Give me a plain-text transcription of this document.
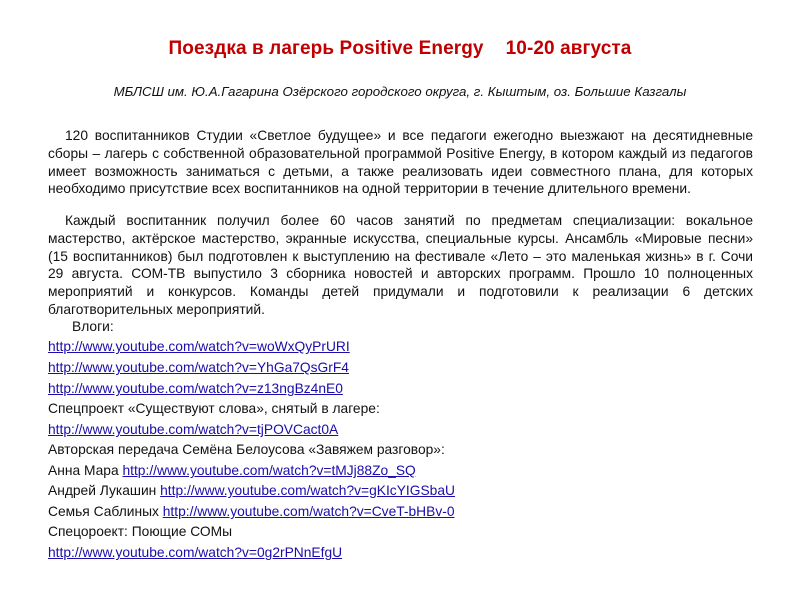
Поездка в лагерь Positive Energy 10-20 августа
МБЛСШ им. Ю.А.Гагарина Озёрского городского округа, г. Кыштым, оз. Большие Казгалы
120 воспитанников Студии «Светлое будущее» и все педагоги ежегодно выезжают на десятидневные сборы – лагерь с собственной образовательной программой Positive Energy, в котором каждый из педагогов имеет возможность заниматься с детьми, а также реализовать идеи совместного плана, для которых необходимо присутствие всех воспитанников на одной территории в течение длительного времени.
Каждый воспитанник получил более 60 часов занятий по предметам специализации: вокальное мастерство, актёрское мастерство, экранные искусства, специальные курсы. Ансамбль «Мировые песни» (15 воспитанников) был подготовлен к выступлению на фестивале «Лето – это маленькая жизнь» в г. Сочи 29 августа. СОМ-ТВ выпустило 3 сборника новостей и авторских программ. Прошло 10 полноценных мероприятий и конкурсов. Команды детей придумали и подготовили к реализации 6 детских благотворительных мероприятий.
Влоги:
http://www.youtube.com/watch?v=woWxQyPrURI
http://www.youtube.com/watch?v=YhGa7QsGrF4
http://www.youtube.com/watch?v=z13ngBz4nE0
Спецпроект «Существуют слова», снятый в лагере:
http://www.youtube.com/watch?v=tjPOVCact0A
Авторская передача Семёна Белоусова «Завяжем разговор»:
Анна Мара http://www.youtube.com/watch?v=tMJj88Zo_SQ
Андрей Лукашин http://www.youtube.com/watch?v=gKIcYIGSbaU
Семья Саблиных http://www.youtube.com/watch?v=CveT-bHBv-0
Спецороект: Поющие СОМы
http://www.youtube.com/watch?v=0g2rPNnEfgU
